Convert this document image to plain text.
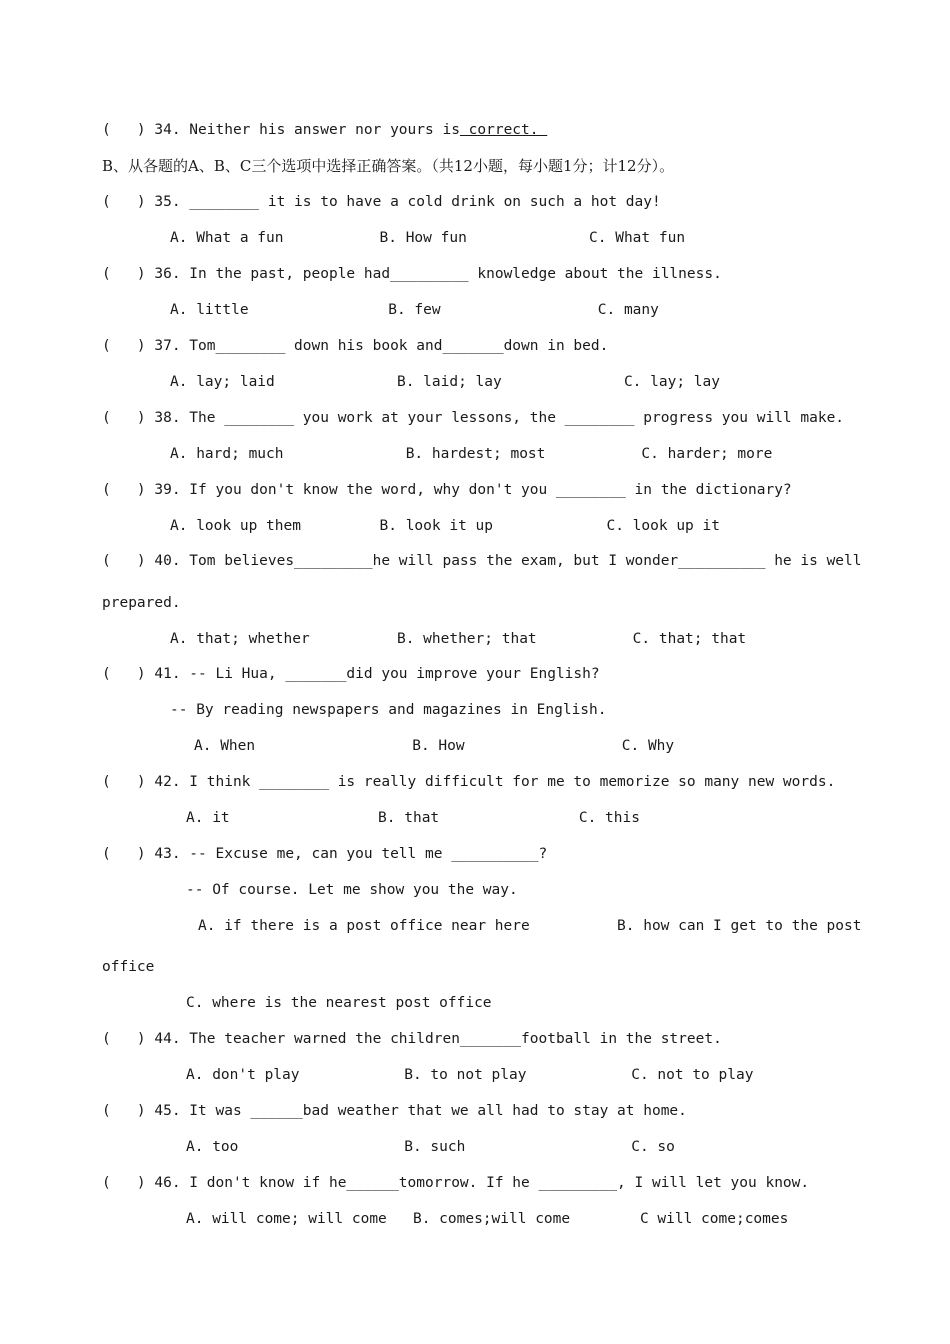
(   ) 34. Neither his answer nor yours is correct.
B、从各题的A、B、C三个选项中选择正确答案。（共12小题，每小题1分；计12分）。
(   ) 35. ________ it is to have a cold drink on such a hot day!
A. What a fun           B. How fun              C. What fun
(   ) 36. In the past, people had_________ knowledge about the illness.
A. little                B. few                  C. many
(   ) 37. Tom________ down his book and_______down in bed.
A. lay; laid              B. laid; lay              C. lay; lay
(   ) 38. The ________ you work at your lessons, the ________ progress you will make.
A. hard; much              B. hardest; most           C. harder; more
(   ) 39. If you don't know the word, why don't you ________ in the dictionary?
A. look up them         B. look it up             C. look up it
(   ) 40. Tom believes_________he will pass the exam, but I wonder__________ he is well
prepared.
A. that; whether          B. whether; that           C. that; that
(   ) 41. -- Li Hua, _______did you improve your English?
-- By reading newspapers and magazines in English.
A. When                  B. How                  C. Why
(   ) 42. I think ________ is really difficult for me to memorize so many new words.
A. it                 B. that                C. this
(   ) 43. -- Excuse me, can you tell me __________?
-- Of course. Let me show you the way.
A. if there is a post office near here          B. how can I get to the post
office
C. where is the nearest post office
(   ) 44. The teacher warned the children_______football in the street.
A. don't play            B. to not play            C. not to play
(   ) 45. It was ______bad weather that we all had to stay at home.
A. too                   B. such                   C. so
(   ) 46. I don't know if he______tomorrow. If he _________, I will let you know.
A. will come; will come   B. comes;will come        C will come;comes
